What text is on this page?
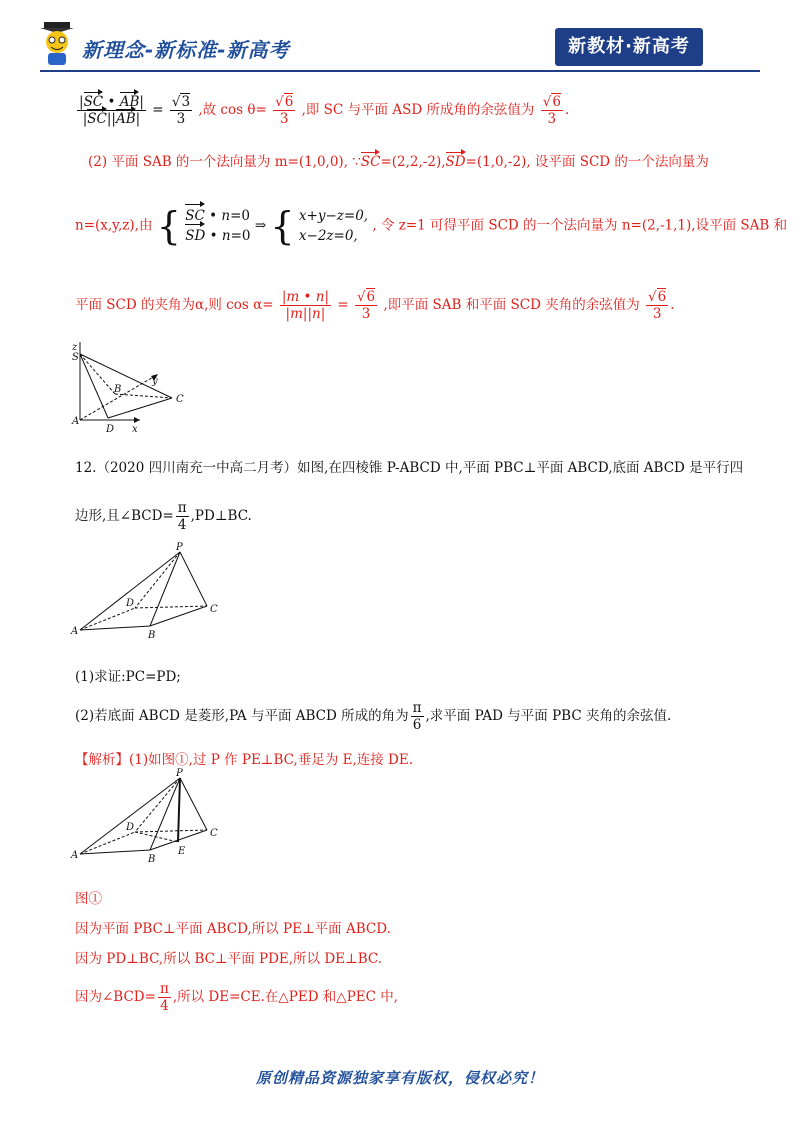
新理念-新标准-新高考	新教材·新高考
$\frac{|SC • AB|}{|SC||AB|} = \frac{√3}{3}$ ,故 $\cos \theta= \frac{√6}{3}$ ,即 SC 与平面 ASD 所成角的余弦值为 $\frac{√6}{3}$ .
(2) 平面 SAB 的一个法向量为 m=(1,0,0), ∵SC=(2,2,-2),SD=(1,0,-2), 设平面 SCD 的一个法向量为
n=(x,y,z),由 { SC • n=0
SD • n=0
⇒ { x+y−z=0,
x−2z=0,
, 令 z=1 可得平面 SCD 的一个法向量为 n=(2,-1,1),设平面 SAB 和
平面 SCD 的夹角为α,则 $\cos \alpha= \frac{|m • n|}{|m||n|} = \frac{√6}{3}$ ,即平面 SAB 和平面 SCD 夹角的余弦值为 $\frac{√6}{3}$ .
z
S
B
y
C
A
D x
12.（2020 四川南充一中高二月考）如图,在四棱锥 P-ABCD 中,平面 PBC⊥平面 ABCD,底面 ABCD 是平行四
边形,且∠BCD= $\frac{\pi}{4}$ ,PD⊥BC.
P
D
C
A	B
(1)求证:PC=PD;
(2)若底面 ABCD 是菱形,PA 与平面 ABCD 所成的角为 $\frac{\pi}{6}$ ,求平面 PAD 与平面 PBC 夹角的余弦值.
【解析】(1)如图①,过 P 作 PE⊥BC,垂足为 E,连接 DE.
P
D
C
A	B
E
图①
因为平面 PBC⊥平面 ABCD,所以 PE⊥平面 ABCD.
因为 PD⊥BC,所以 BC⊥平面 PDE,所以 DE⊥BC.
因为∠BCD= $\frac{\pi}{4}$ ,所以 DE=CE.在△PED 和△PEC 中,
原创精品资源独家享有版权，侵权必究！
